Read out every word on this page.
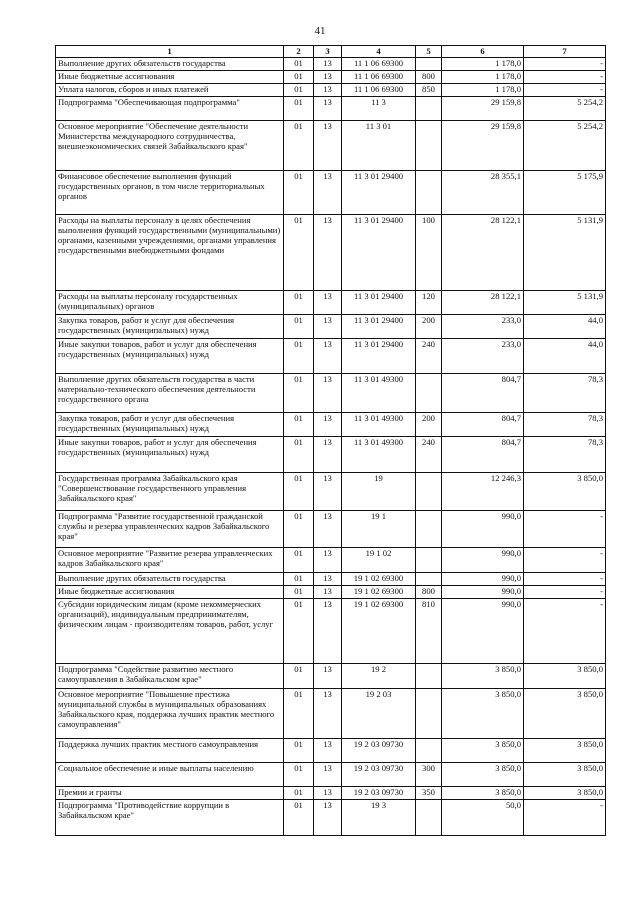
41
1	2	3	4	5	6	7
Выполнение других обязательств государства	01	13	11 1 06 69300		1 178,0	-
Иные бюджетные ассигнования	01	13	11 1 06 69300	800	1 178,0	-
Уплата налогов, сборов и иных платежей	01	13	11 1 06 69300	850	1 178,0	-
Подпрограмма "Обеспечивающая подпрограмма"	01	13	11 3		29 159,8	5 254,2
Основное мероприятие "Обеспечение деятельности Министерства международного сотрудничества, внешнеэкономических связей Забайкальского края"	01	13	11 3 01		29 159,8	5 254,2
Финансовое обеспечение выполнения функций государственных органов, в том числе территориальных органов	01	13	11 3 01 29400		28 355,1	5 175,9
Расходы на выплаты персоналу в целях обеспечения выполнения функций государственными (муниципальными) органами, казенными учреждениями, органами управления государственными внебюджетными фондами	01	13	11 3 01 29400	100	28 122,1	5 131,9
Расходы на выплаты персоналу государственных (муниципальных) органов	01	13	11 3 01 29400	120	28 122,1	5 131,9
Закупка товаров, работ и услуг для обеспечения государственных (муниципальных) нужд	01	13	11 3 01 29400	200	233,0	44,0
Иные закупки товаров, работ и услуг для обеспечения государственных (муниципальных) нужд	01	13	11 3 01 29400	240	233,0	44,0
Выполнение других обязательств государства в части материально-технического обеспечения деятельности государственного органа	01	13	11 3 01 49300		804,7	78,3
Закупка товаров, работ и услуг для обеспечения государственных (муниципальных) нужд	01	13	11 3 01 49300	200	804,7	78,3
Иные закупки товаров, работ и услуг для обеспечения государственных (муниципальных) нужд	01	13	11 3 01 49300	240	804,7	78,3
Государственная программа Забайкальского края "Совершенствование государственного управления Забайкальского края"	01	13	19		12 246,3	3 850,0
Подпрограмма "Развитие государственной гражданской службы и резерва управленческих кадров Забайкальского края"	01	13	19 1		990,0	-
Основное мероприятие "Развитие резерва управленческих кадров Забайкальского края"	01	13	19 1 02		990,0	-
Выполнение других обязательств государства	01	13	19 1 02 69300		990,0	-
Иные бюджетные ассигнования	01	13	19 1 02 69300	800	990,0	-
Субсидии юридическим лицам (кроме некоммерческих организаций), индивидуальным предпринимателям, физическим лицам - производителям товаров, работ, услуг	01	13	19 1 02 69300	810	990,0	-
Подпрограмма "Содействие развитию местного самоуправления в Забайкальском крае"	01	13	19 2		3 850,0	3 850,0
Основное мероприятие "Повышение престижа муниципальной службы в муниципальных образованиях Забайкальского края, поддержка лучших практик местного самоуправления"	01	13	19 2 03		3 850,0	3 850,0
Поддержка лучших практик местного самоуправления	01	13	19 2 03 09730		3 850,0	3 850,0
Социальное обеспечение и иные выплаты населению	01	13	19 2 03 09730	300	3 850,0	3 850,0
Премии и гранты	01	13	19 2 03 09730	350	3 850,0	3 850,0
Подпрограмма "Противодействие коррупции в Забайкальском крае"	01	13	19 3		50,0	-
